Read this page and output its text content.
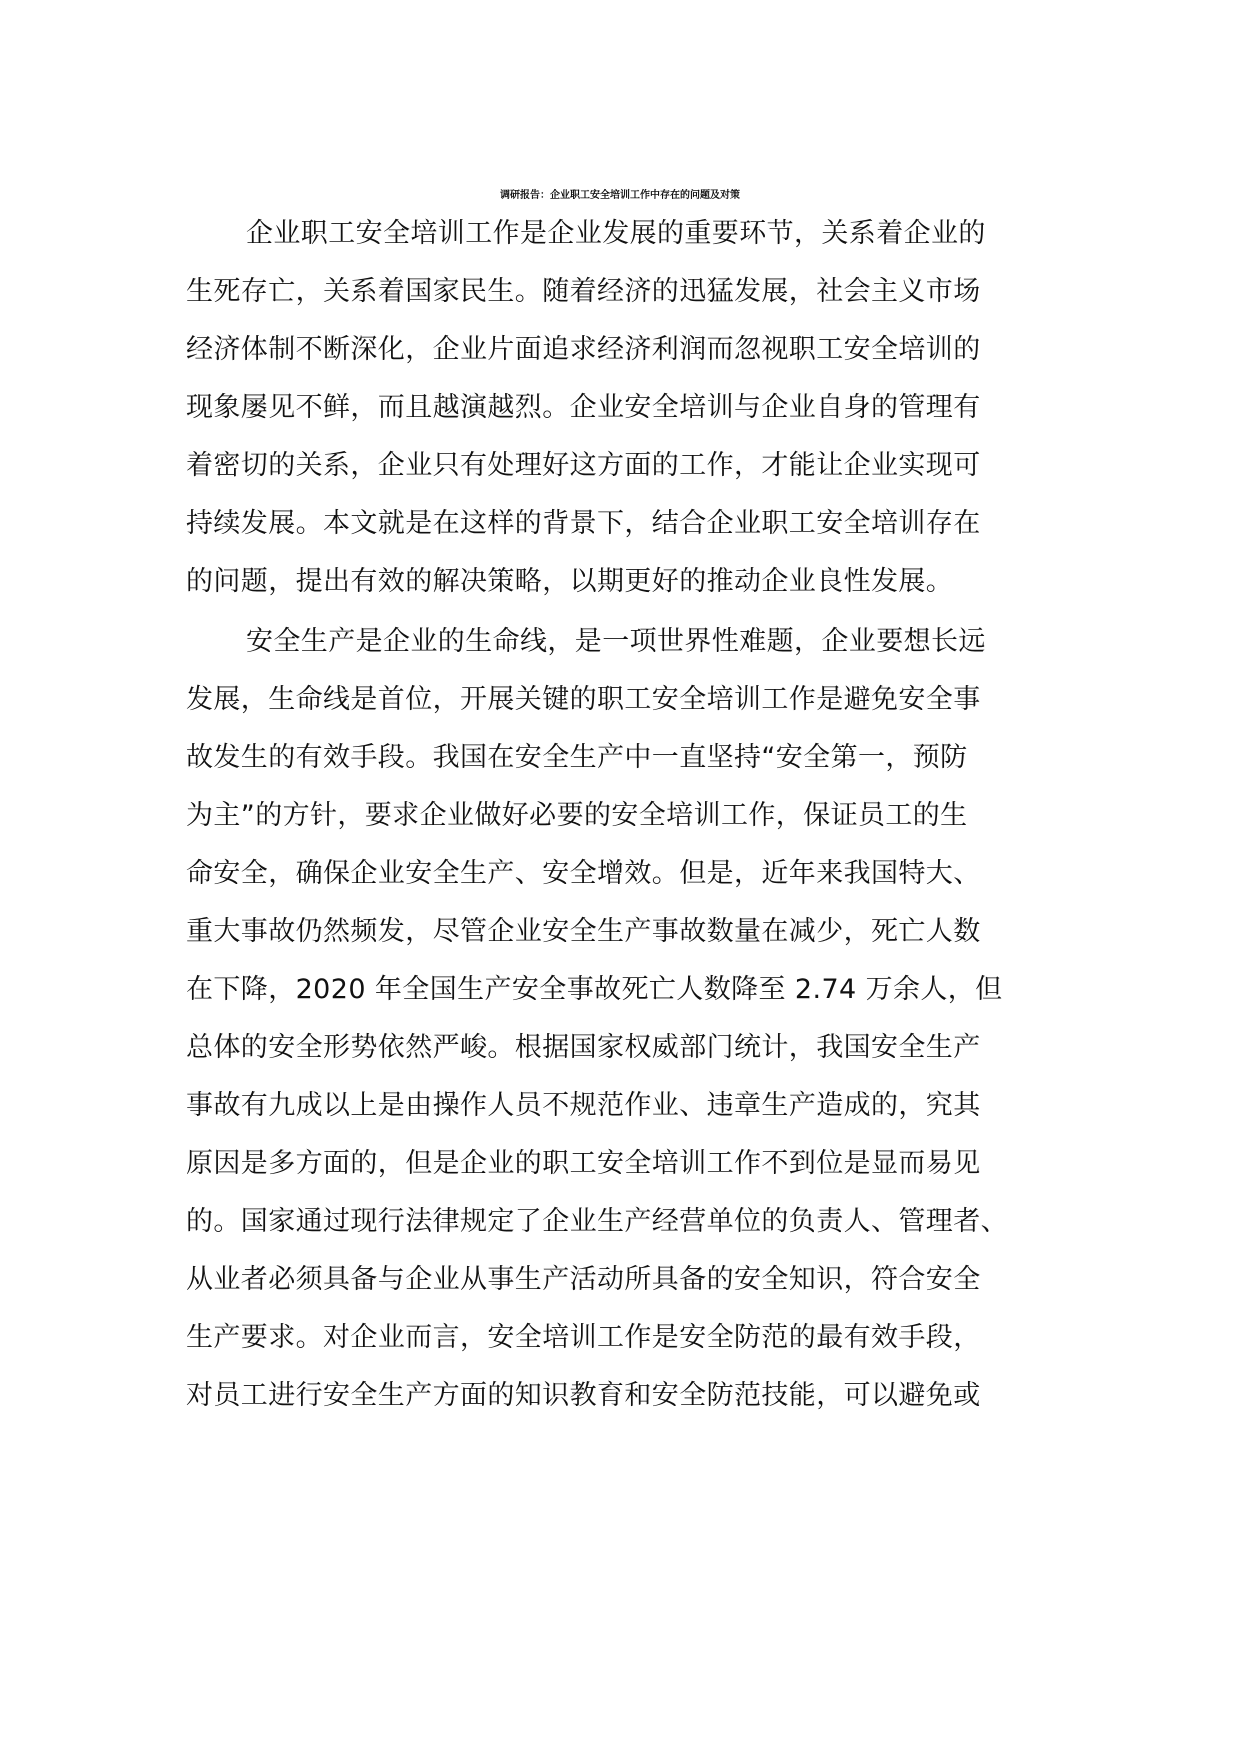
调研报告：企业职工安全培训工作中存在的问题及对策
企业职工安全培训工作是企业发展的重要环节，关系着企业的
生死存亡，关系着国家民生。随着经济的迅猛发展，社会主义市场
经济体制不断深化，企业片面追求经济利润而忽视职工安全培训的
现象屡见不鲜，而且越演越烈。企业安全培训与企业自身的管理有
着密切的关系，企业只有处理好这方面的工作，才能让企业实现可
持续发展。本文就是在这样的背景下，结合企业职工安全培训存在
的问题，提出有效的解决策略，以期更好的推动企业良性发展。
安全生产是企业的生命线，是一项世界性难题，企业要想长远
发展，生命线是首位，开展关键的职工安全培训工作是避免安全事
故发生的有效手段。我国在安全生产中一直坚持“安全第一，预防
为主”的方针，要求企业做好必要的安全培训工作，保证员工的生
命安全，确保企业安全生产、安全增效。但是，近年来我国特大、
重大事故仍然频发，尽管企业安全生产事故数量在减少，死亡人数
在下降，2020 年全国生产安全事故死亡人数降至 2.74 万余人，但
总体的安全形势依然严峻。根据国家权威部门统计，我国安全生产
事故有九成以上是由操作人员不规范作业、违章生产造成的，究其
原因是多方面的，但是企业的职工安全培训工作不到位是显而易见
的。国家通过现行法律规定了企业生产经营单位的负责人、管理者、
从业者必须具备与企业从事生产活动所具备的安全知识，符合安全
生产要求。对企业而言，安全培训工作是安全防范的最有效手段，
对员工进行安全生产方面的知识教育和安全防范技能，可以避免或
